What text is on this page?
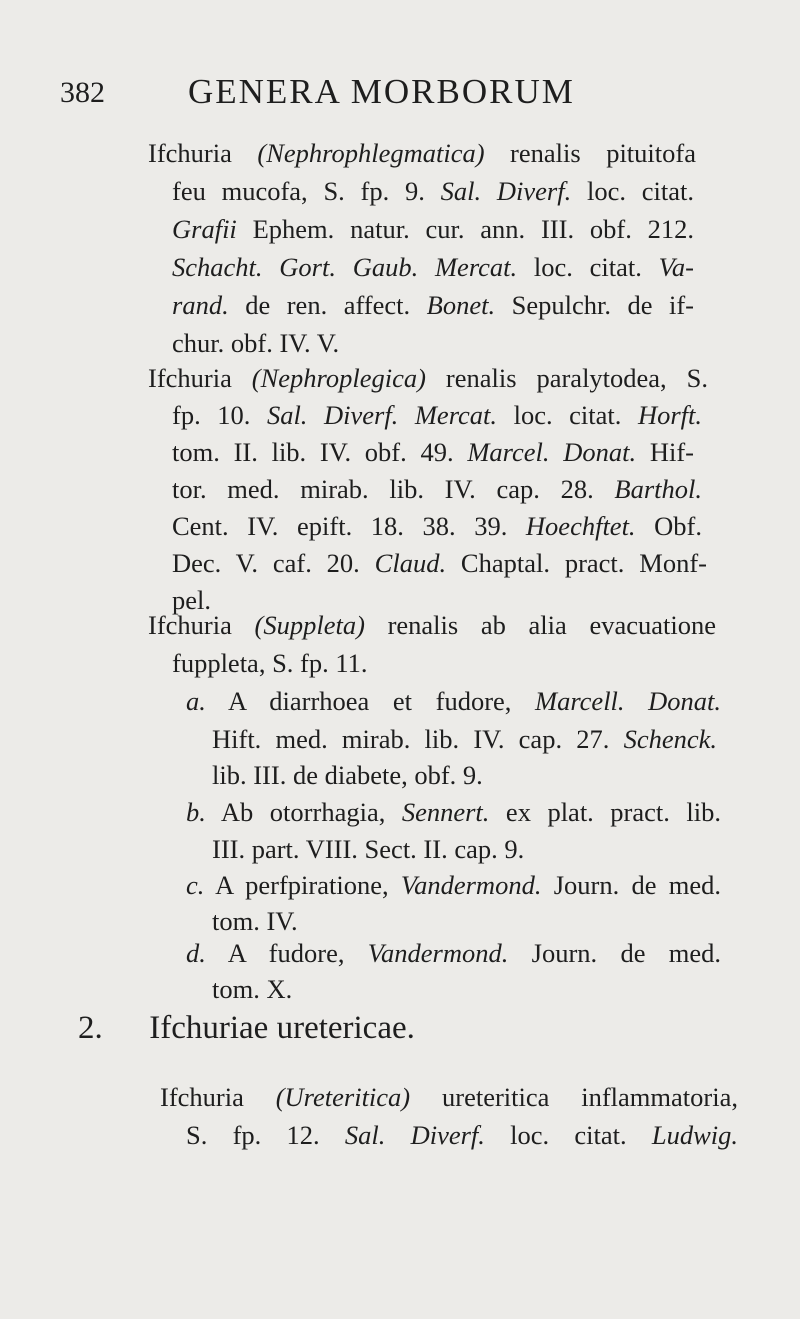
382 GENERA MORBORUM
Ifchuria (Nephrophlegmatica) renalis pituitofa
feu mucofa, S. fp. 9. Sal. Diverf. loc. citat.
Grafii Ephem. natur. cur. ann. III. obf. 212.
Schacht. Gort. Gaub. Mercat. loc. citat. Va-
rand. de ren. affect. Bonet. Sepulchr. de if-
chur. obf. IV. V.
Ifchuria (Nephroplegica) renalis paralytodea, S.
fp. 10. Sal. Diverf. Mercat. loc. citat. Horft.
tom. II. lib. IV. obf. 49. Marcel. Donat. Hif-
tor. med. mirab. lib. IV. cap. 28. Barthol.
Cent. IV. epift. 18. 38. 39. Hoechftet. Obf.
Dec. V. caf. 20. Claud. Chaptal. pract. Monf-
pel.
Ifchuria (Suppleta) renalis ab alia evacuatione
fuppleta, S. fp. 11.
a. A diarrhoea et fudore, Marcell. Donat.
Hift. med. mirab. lib. IV. cap. 27. Schenck.
lib. III. de diabete, obf. 9.
b. Ab otorrhagia, Sennert. ex plat. pract. lib.
III. part. VIII. Sect. II. cap. 9.
c. A perfpiratione, Vandermond. Journ. de med.
tom. IV.
d. A fudore, Vandermond. Journ. de med.
tom. X.
2. Ifchuriae uretericae.
Ifchuria (Ureteritica) ureteritica inflammatoria,
S. fp. 12. Sal. Diverf. loc. citat. Ludwig.
